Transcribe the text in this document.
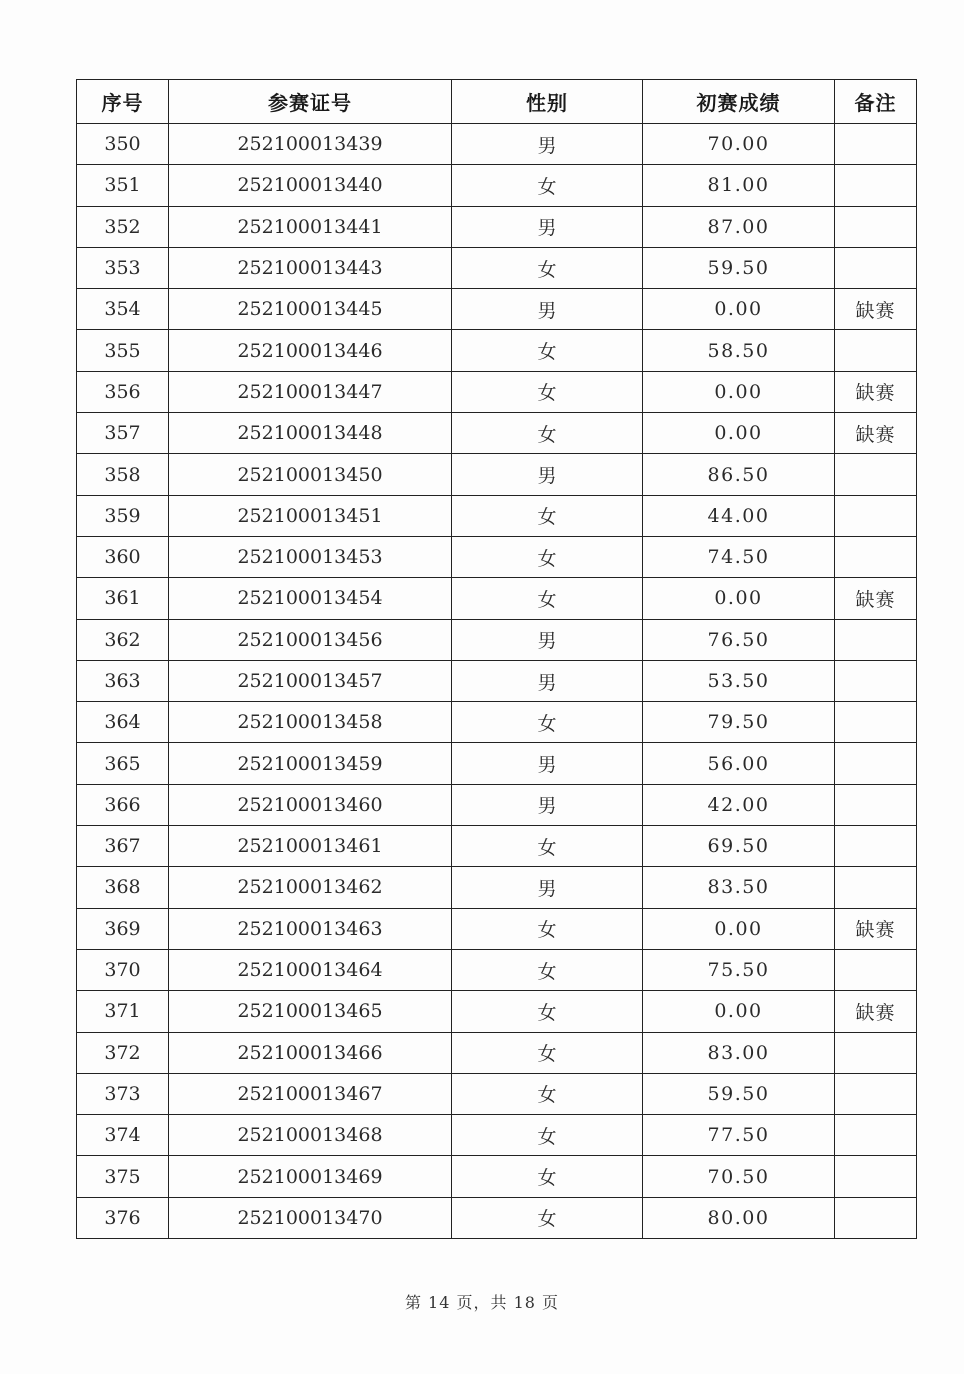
序号	参赛证号	性别	初赛成绩	备注
350	252100013439	男	70.00	
351	252100013440	女	81.00	
352	252100013441	男	87.00	
353	252100013443	女	59.50	
354	252100013445	男	0.00	缺赛
355	252100013446	女	58.50	
356	252100013447	女	0.00	缺赛
357	252100013448	女	0.00	缺赛
358	252100013450	男	86.50	
359	252100013451	女	44.00	
360	252100013453	女	74.50	
361	252100013454	女	0.00	缺赛
362	252100013456	男	76.50	
363	252100013457	男	53.50	
364	252100013458	女	79.50	
365	252100013459	男	56.00	
366	252100013460	男	42.00	
367	252100013461	女	69.50	
368	252100013462	男	83.50	
369	252100013463	女	0.00	缺赛
370	252100013464	女	75.50	
371	252100013465	女	0.00	缺赛
372	252100013466	女	83.00	
373	252100013467	女	59.50	
374	252100013468	女	77.50	
375	252100013469	女	70.50	
376	252100013470	女	80.00	
第 14 页，共 18 页
